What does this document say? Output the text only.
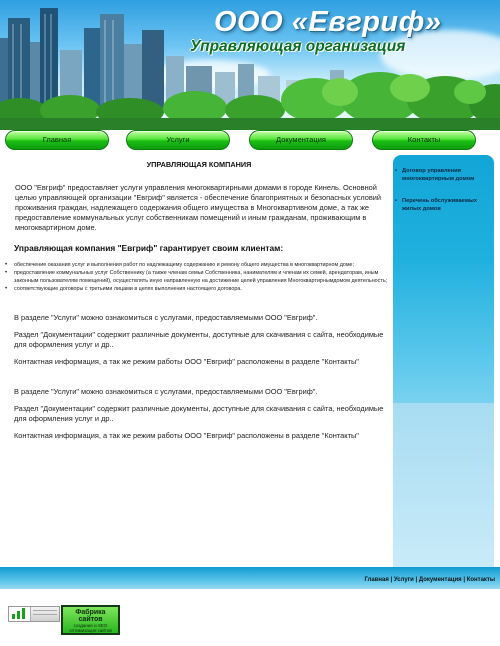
ООО «Евгриф»
Управляющая организация
Главная	Услуги	Документация	Контакты
УПРАВЛЯЮЩАЯ КОМПАНИЯ

ООО "Евгриф" предоставляет услуги управления многоквартирными домами в городе Кинель. Основной целью управляющей организации "Евгриф" является - обеспечение благоприятных и безопасных условий проживания граждан, надлежащего содержания общего имущества в Многоквартивном доме, а так же предоставление коммунальных услуг собственникам помещений и иным гражданам, проживающим в многоквартирном доме.

Управляющая компания "Евгриф" гарантирует своим клиентам:

• обеспечение оказания услуг и выполнения работ по надлежащему содержанию и ремону общего имущества в многоквартирном доме;
• предоставление коммунальных услуг Собственнику (а также членам семьи Собственника, нанимателям и членам их семей, арендаторам, иным законным пользователям помещений), осуществлять иную направленную на достижение целей управления Многоквартирнымдомом деятельность;
• соответствующие договоры с третьими лицами в целях выполнения настоящего договора.

В разделе "Услуги" можно ознакомиться с услугами, предоставляемыми ООО "Евгриф".

Раздел "Документации" содержит различные документы, доступные для скачивания с сайта, необходимые для оформления услуг и др..

Контактная информация, а так же режим работы ООО "Евгриф" расположены в разделе "Контакты"

В разделе "Услуги" можно ознакомиться с услугами, предоставляемыми ООО "Евгриф".

Раздел "Документации" содержит различные документы, доступные для скачивания с сайта, необходимые для оформления услуг и др..

Контактная информация, а так же режим работы ООО "Евгриф" расположены в разделе "Контакты"

• Договор управления многоквартирным домом
• Перечень обслуживаемых жилых домов
Главная | Услуги | Документация | Контакты
Фабрика сайтов
создание и SEO
оптимизация сайтов
